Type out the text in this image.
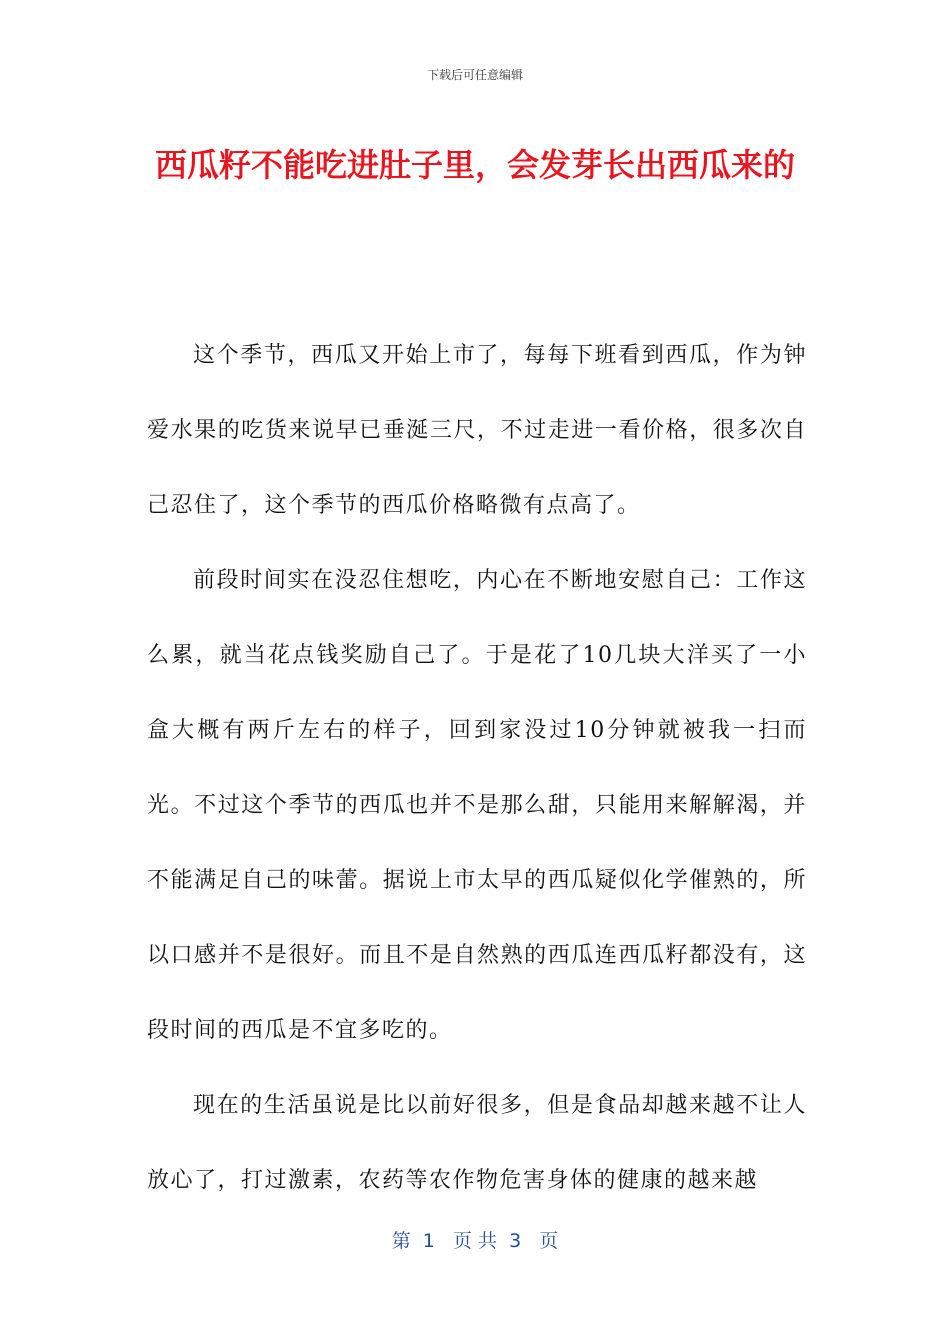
下载后可任意编辑
西瓜籽不能吃进肚子里，会发芽长出西瓜来的

这个季节，西瓜又开始上市了，每每下班看到西瓜，作为钟爱水果的吃货来说早已垂涎三尺，不过走进一看价格，很多次自己忍住了，这个季节的西瓜价格略微有点高了。

前段时间实在没忍住想吃，内心在不断地安慰自己：工作这么累，就当花点钱奖励自己了。于是花了10几块大洋买了一小盒大概有两斤左右的样子，回到家没过10分钟就被我一扫而光。不过这个季节的西瓜也并不是那么甜，只能用来解解渴，并不能满足自己的味蕾。据说上市太早的西瓜疑似化学催熟的，所以口感并不是很好。而且不是自然熟的西瓜连西瓜籽都没有，这段时间的西瓜是不宜多吃的。

现在的生活虽说是比以前好很多，但是食品却越来越不让人放心了，打过激素，农药等农作物危害身体的健康的越来越

第  1   页 共  3   页
